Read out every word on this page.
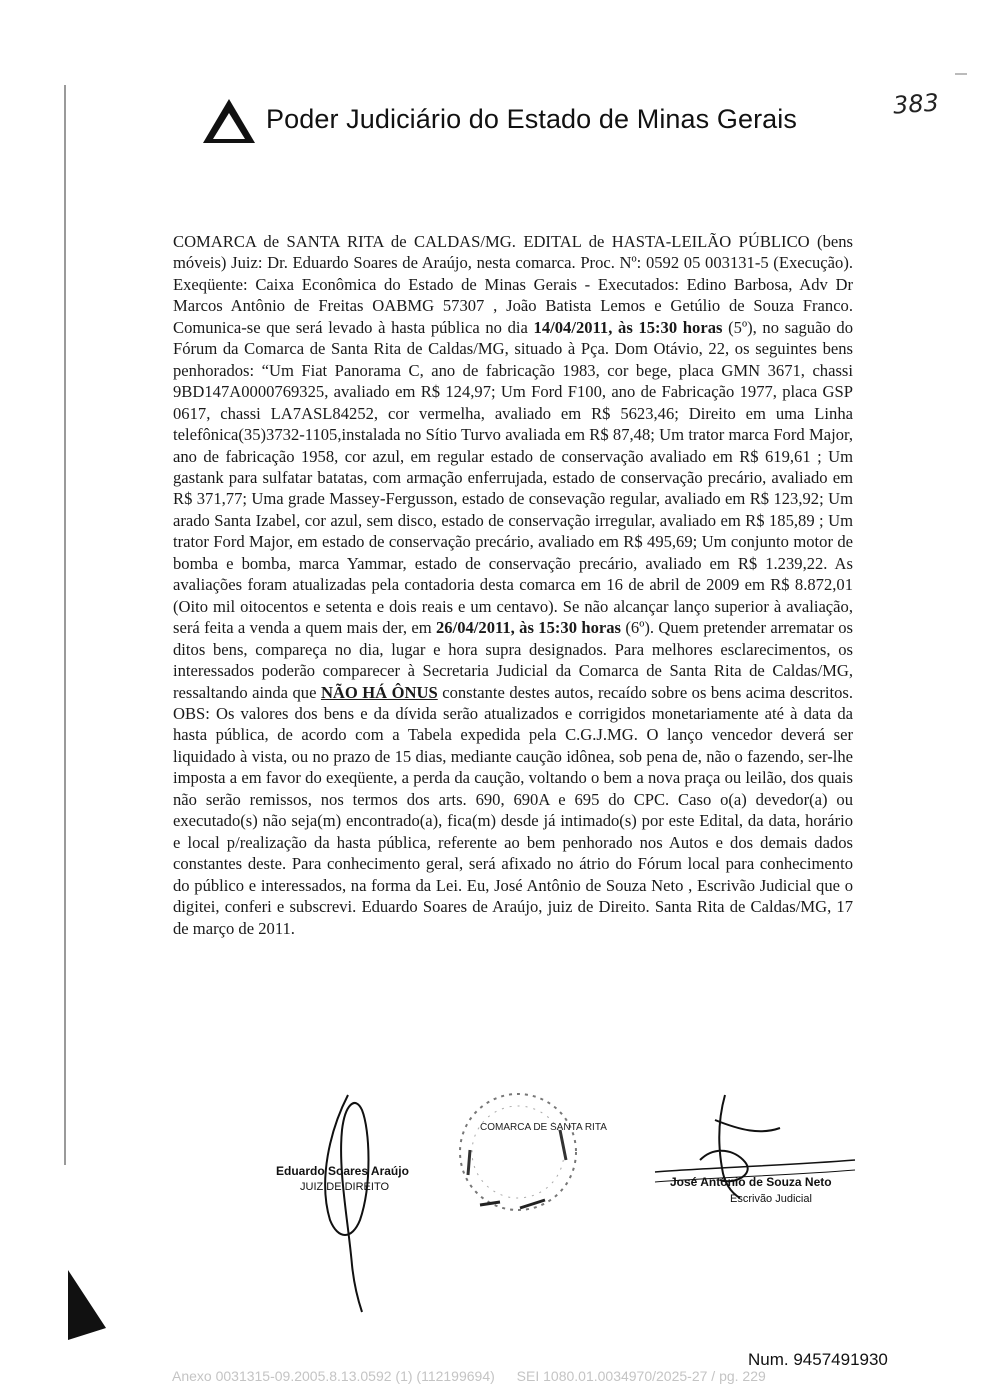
Poder Judiciário do Estado de Minas Gerais	383
COMARCA de SANTA RITA de CALDAS/MG. EDITAL de HASTA-LEILÃO PÚBLICO (bens móveis) Juiz: Dr. Eduardo Soares de Araújo, nesta comarca. Proc. Nº: 0592 05 003131-5 (Execução). Exeqüente: Caixa Econômica do Estado de Minas Gerais - Executados: Edino Barbosa, Adv Dr Marcos Antônio de Freitas OABMG 57307 , João Batista Lemos e Getúlio de Souza Franco. Comunica-se que será levado à hasta pública no dia 14/04/2011, às 15:30 horas (5º), no saguão do Fórum da Comarca de Santa Rita de Caldas/MG, situado à Pça. Dom Otávio, 22, os seguintes bens penhorados: “Um Fiat Panorama C, ano de fabricação 1983, cor bege, placa GMN 3671, chassi 9BD147A0000769325, avaliado em R$ 124,97; Um Ford F100, ano de Fabricação 1977, placa GSP 0617, chassi LA7ASL84252, cor vermelha, avaliado em R$ 5623,46; Direito em uma Linha telefônica(35)3732-1105,instalada no Sítio Turvo avaliada em R$ 87,48; Um trator marca Ford Major, ano de fabricação 1958, cor azul, em regular estado de conservação avaliado em R$ 619,61 ; Um gastank para sulfatar batatas, com armação enferrujada, estado de conservação precário, avaliado em R$ 371,77; Uma grade Massey-Fergusson, estado de consevação regular, avaliado em R$ 123,92; Um arado Santa Izabel, cor azul, sem disco, estado de conservação irregular, avaliado em R$ 185,89 ; Um trator Ford Major, em estado de conservação precário, avaliado em R$ 495,69; Um conjunto motor de bomba e bomba, marca Yammar, estado de conservação precário, avaliado em R$ 1.239,22. As avaliações foram atualizadas pela contadoria desta comarca em 16 de abril de 2009 em R$ 8.872,01 (Oito mil oitocentos e setenta e dois reais e um centavo). Se não alcançar lanço superior à avaliação, será feita a venda a quem mais der, em 26/04/2011, às 15:30 horas (6º). Quem pretender arrematar os ditos bens, compareça no dia, lugar e hora supra designados. Para melhores esclarecimentos, os interessados poderão comparecer à Secretaria Judicial da Comarca de Santa Rita de Caldas/MG, ressaltando ainda que NÃO HÁ ÔNUS constante destes autos, recaído sobre os bens acima descritos. OBS: Os valores dos bens e da dívida serão atualizados e corrigidos monetariamente até à data da hasta pública, de acordo com a Tabela expedida pela C.G.J.MG. O lanço vencedor deverá ser liquidado à vista, ou no prazo de 15 dias, mediante caução idônea, sob pena de, não o fazendo, ser-lhe imposta a em favor do exeqüente, a perda da caução, voltando o bem a nova praça ou leilão, dos quais não serão remissos, nos termos dos arts. 690, 690A e 695 do CPC. Caso o(a) devedor(a) ou executado(s) não seja(m) encontrado(a), fica(m) desde já intimado(s) por este Edital, da data, horário e local p/realização da hasta pública, referente ao bem penhorado nos Autos e dos demais dados constantes deste. Para conhecimento geral, será afixado no átrio do Fórum local para conhecimento do público e interessados, na forma da Lei. Eu, José Antônio de Souza Neto , Escrivão Judicial que o digitei, conferi e subscrevi. Eduardo Soares de Araújo, juiz de Direito. Santa Rita de Caldas/MG, 17 de março de 2011.
Eduardo Soares Araújo
JUIZ DE DIREITO
COMARCA DE SANTA RITA
José Antônio de Souza Neto
Escrivão Judicial
Num. 9457491930
Anexo 0031315-09.2005.8.13.0592 (1) (112199694) SEI 1080.01.0034970/2025-27 / pg. 229
